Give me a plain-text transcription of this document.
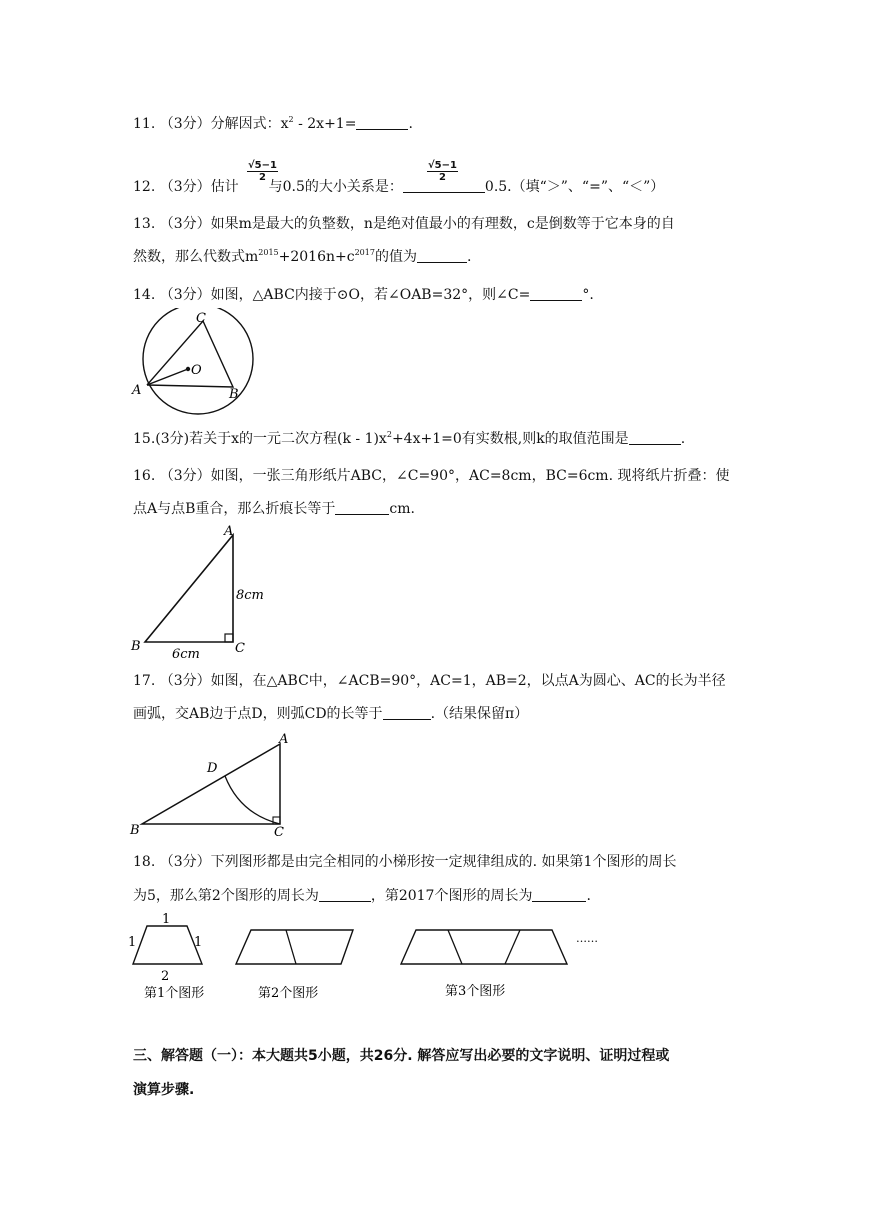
11. （3分）分解因式：$x^2 - 2x+1=$	.
$\frac{√5-1}{2}$	$\frac{√5-1}{2}$
12. （3分）估计 与0.5的大小关系是：	0.5.（填“＞”、“=”、“＜”）
13. （3分）如果m是最大的负整数，n是绝对值最小的有理数，c是倒数等于它本身的自
然数，那么代数式$m^{2015}+2016n+c^{2017}$的值为	.
14. （3分）如图，△ABC内接于⊙O，若∠OAB=32°，则∠C=	°.
C
O
A	B
15.(3分)若关于x的一元二次方程$(k - 1)x^2+4x+1=0$有实数根,则k的取值范围是	.
16. （3分）如图，一张三角形纸片ABC，∠C=90°，AC=8cm，BC=6cm. 现将纸片折叠：使
点A与点B重合，那么折痕长等于	cm.
A
8cm
B	C
6cm
17. （3分）如图，在△ABC中，∠ACB=90°，AC=1，AB=2，以点A为圆心、AC的长为半径
画弧，交AB边于点D，则弧CD的长等于	.（结果保留π）
A
D
B	C
18. （3分）下列图形都是由完全相同的小梯形按一定规律组成的. 如果第1个图形的周长
为5，那么第2个图形的周长为	，第2017个图形的周长为	.
1
1	1
2
第1个图形	第2个图形	第3个图形
……
三、解答题（一）：本大题共5小题，共26分. 解答应写出必要的文字说明、证明过程或
演算步骤.
